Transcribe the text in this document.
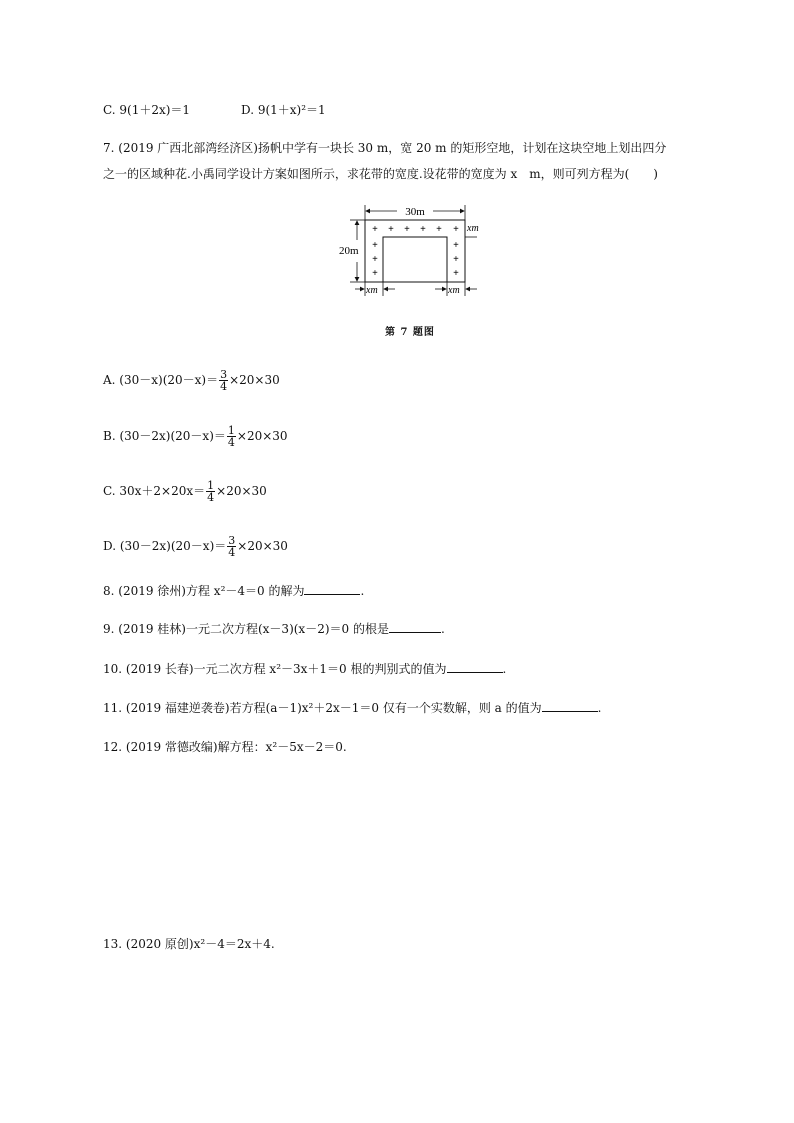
C. 9(1＋2x)＝1	D. 9(1＋x)²＝1
7. (2019 广西北部湾经济区)扬帆中学有一块长 30 m，宽 20 m 的矩形空地，计划在这块空地上划出四分
之一的区域种花.小禹同学设计方案如图所示，求花带的宽度.设花带的宽度为 x　m，则可列方程为(　　)
30m
20m
xm
xm	xm
+ + + + + +
+
+
+
+
+
+
第 7 题图
A. $(30-x)(20-x)= \frac{3}{4} \times 20\times 30$
B. $(30-2x)(20-x)= \frac{1}{4} \times 20\times 30$
C. $30x+2\times 20x= \frac{1}{4} \times 20\times 30$
D. $(30-2x)(20-x)= \frac{3}{4} \times 20\times 30$
8. (2019 徐州)方程 x²－4＝0 的解为	.
9. (2019 桂林)一元二次方程(x－3)(x－2)＝0 的根是	.
10. (2019 长春)一元二次方程 x²－3x＋1＝0 根的判别式的值为	.
11. (2019 福建逆袭卷)若方程(a－1)x²＋2x－1＝0 仅有一个实数解，则 a 的值为	.
12. (2019 常德改编)解方程：x²－5x－2＝0.
13. (2020 原创)x²－4＝2x＋4.
